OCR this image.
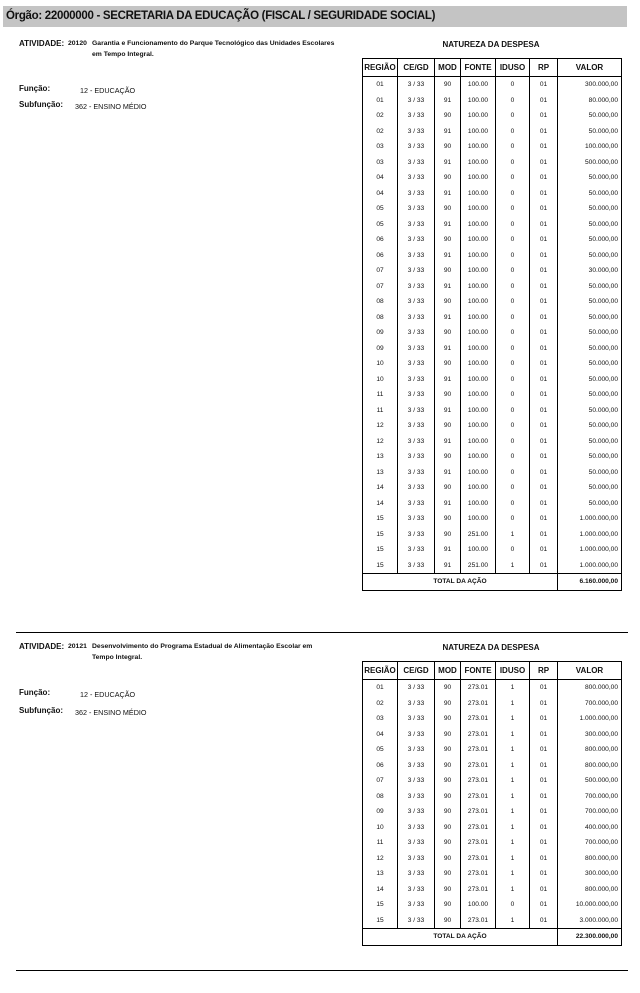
Órgão: 22000000 - SECRETARIA DA EDUCAÇÃO (FISCAL / SEGURIDADE SOCIAL)
ATIVIDADE: 20120 Garantia e Funcionamento do Parque Tecnológico das Unidades Escolares em Tempo Integral.
Função:	12 - EDUCAÇÃO
Subfunção: 362 - ENSINO MÉDIO
NATUREZA DA DESPESA
REGIÃO	CE/GD	MOD	FONTE	IDUSO	RP	VALOR
01	3 / 33	90	100.00	0	01	300.000,00
01	3 / 33	91	100.00	0	01	80.000,00
02	3 / 33	90	100.00	0	01	50.000,00
02	3 / 33	91	100.00	0	01	50.000,00
03	3 / 33	90	100.00	0	01	100.000,00
03	3 / 33	91	100.00	0	01	500.000,00
04	3 / 33	90	100.00	0	01	50.000,00
04	3 / 33	91	100.00	0	01	50.000,00
05	3 / 33	90	100.00	0	01	50.000,00
05	3 / 33	91	100.00	0	01	50.000,00
06	3 / 33	90	100.00	0	01	50.000,00
06	3 / 33	91	100.00	0	01	50.000,00
07	3 / 33	90	100.00	0	01	30.000,00
07	3 / 33	91	100.00	0	01	50.000,00
08	3 / 33	90	100.00	0	01	50.000,00
08	3 / 33	91	100.00	0	01	50.000,00
09	3 / 33	90	100.00	0	01	50.000,00
09	3 / 33	91	100.00	0	01	50.000,00
10	3 / 33	90	100.00	0	01	50.000,00
10	3 / 33	91	100.00	0	01	50.000,00
11	3 / 33	90	100.00	0	01	50.000,00
11	3 / 33	91	100.00	0	01	50.000,00
12	3 / 33	90	100.00	0	01	50.000,00
12	3 / 33	91	100.00	0	01	50.000,00
13	3 / 33	90	100.00	0	01	50.000,00
13	3 / 33	91	100.00	0	01	50.000,00
14	3 / 33	90	100.00	0	01	50.000,00
14	3 / 33	91	100.00	0	01	50.000,00
15	3 / 33	90	100.00	0	01	1.000.000,00
15	3 / 33	90	251.00	1	01	1.000.000,00
15	3 / 33	91	100.00	0	01	1.000.000,00
15	3 / 33	91	251.00	1	01	1.000.000,00
TOTAL DA AÇÃO						6.160.000,00
ATIVIDADE: 20121 Desenvolvimento do Programa Estadual de Alimentação Escolar em Tempo Integral.
Função:	12 - EDUCAÇÃO
Subfunção: 362 - ENSINO MÉDIO
NATUREZA DA DESPESA
REGIÃO	CE/GD	MOD	FONTE	IDUSO	RP	VALOR
01	3 / 33	90	273.01	1	01	800.000,00
02	3 / 33	90	273.01	1	01	700.000,00
03	3 / 33	90	273.01	1	01	1.000.000,00
04	3 / 33	90	273.01	1	01	300.000,00
05	3 / 33	90	273.01	1	01	800.000,00
06	3 / 33	90	273.01	1	01	800.000,00
07	3 / 33	90	273.01	1	01	500.000,00
08	3 / 33	90	273.01	1	01	700.000,00
09	3 / 33	90	273.01	1	01	700.000,00
10	3 / 33	90	273.01	1	01	400.000,00
11	3 / 33	90	273.01	1	01	700.000,00
12	3 / 33	90	273.01	1	01	800.000,00
13	3 / 33	90	273.01	1	01	300.000,00
14	3 / 33	90	273.01	1	01	800.000,00
15	3 / 33	90	100.00	0	01	10.000.000,00
15	3 / 33	90	273.01	1	01	3.000.000,00
TOTAL DA AÇÃO						22.300.000,00
